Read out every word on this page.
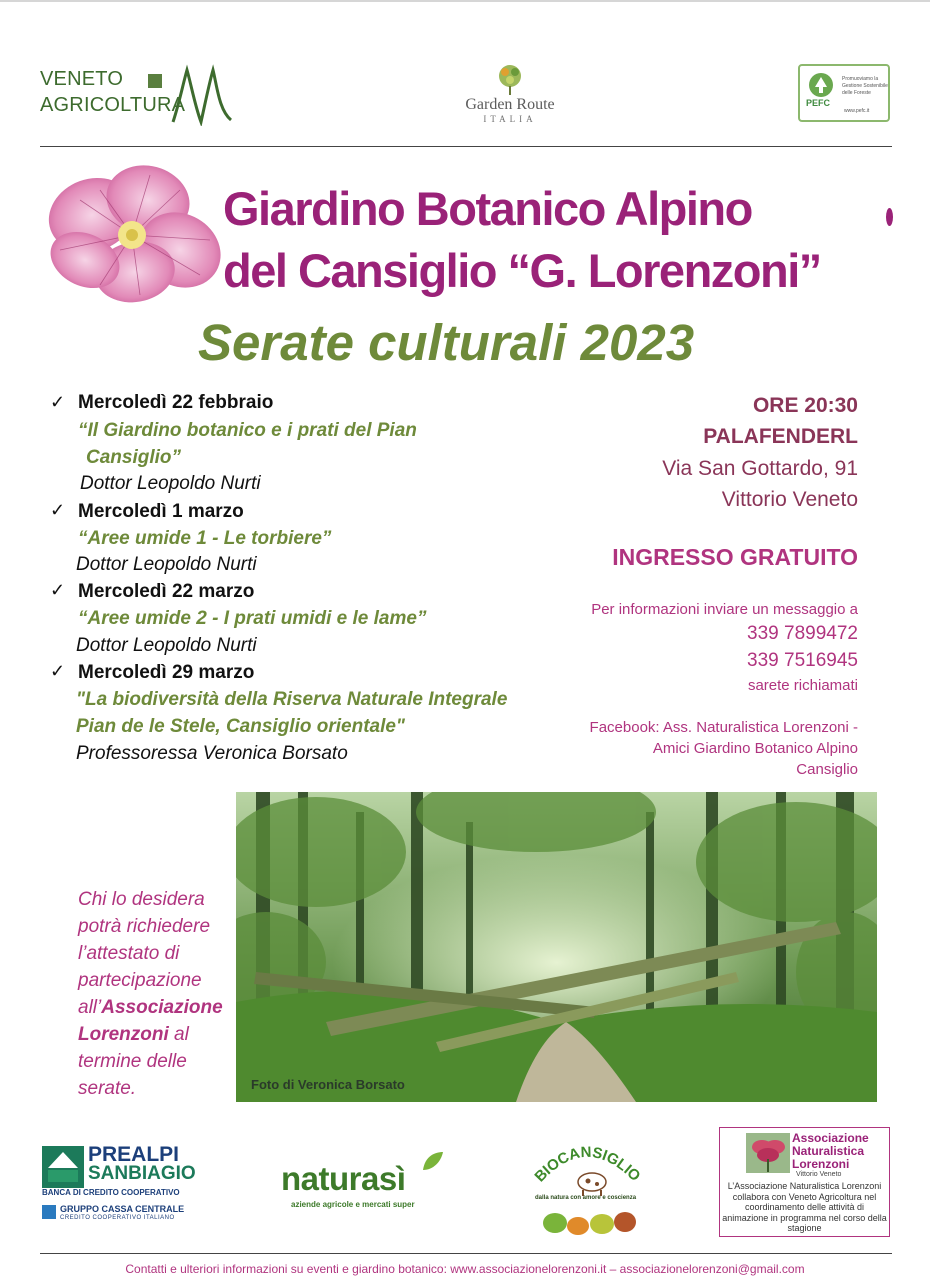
VENETO
AGRICOLTURA	Garden Route
ITALIA
PEFC
Promuoviamo la Gestione Sostenibile delle Foreste
www.pefc.it
Giardino Botanico Alpino
del Cansiglio “G. Lorenzoni”
Serate culturali 2023
✓ Mercoledì 22 febbraio
“Il Giardino botanico e i prati del Pian
Cansiglio”
Dottor Leopoldo Nurti
✓ Mercoledì 1 marzo
“Aree umide 1 - Le torbiere”
Dottor Leopoldo Nurti
✓ Mercoledì 22 marzo
“Aree umide 2 - I prati umidi e le lame”
Dottor Leopoldo Nurti
✓ Mercoledì 29 marzo
"La biodiversità della Riserva Naturale Integrale
Pian de le Stele, Cansiglio orientale"
Professoressa Veronica Borsato
ORE 20:30
PALAFENDERL
Via San Gottardo, 91
Vittorio Veneto
INGRESSO GRATUITO
Per informazioni inviare un messaggio a
339 7899472
339 7516945
sarete richiamati
Facebook: Ass. Naturalistica Lorenzoni -
Amici Giardino Botanico Alpino
Cansiglio
Chi lo desidera potrà richiedere l’attestato di partecipazione all’Associazione Lorenzoni al termine delle serate.	Foto di Veronica Borsato
PREALPI
SANBIAGIO
BANCA DI CREDITO COOPERATIVO
GRUPPO CASSA CENTRALE
CREDITO COOPERATIVO ITALIANO
naturasì
aziende agricole e mercati super
BIOCANSIGLIO
dalla natura con amore e coscienza
Associazione
Naturalistica
Lorenzoni
Vittorio Veneto
L’Associazione Naturalistica Lorenzoni collabora con Veneto Agricoltura nel coordinamento delle attività di animazione in programma nel corso della stagione
Contatti e ulteriori informazioni su eventi e giardino botanico: www.associazionelorenzoni.it – associazionelorenzoni@gmail.com
